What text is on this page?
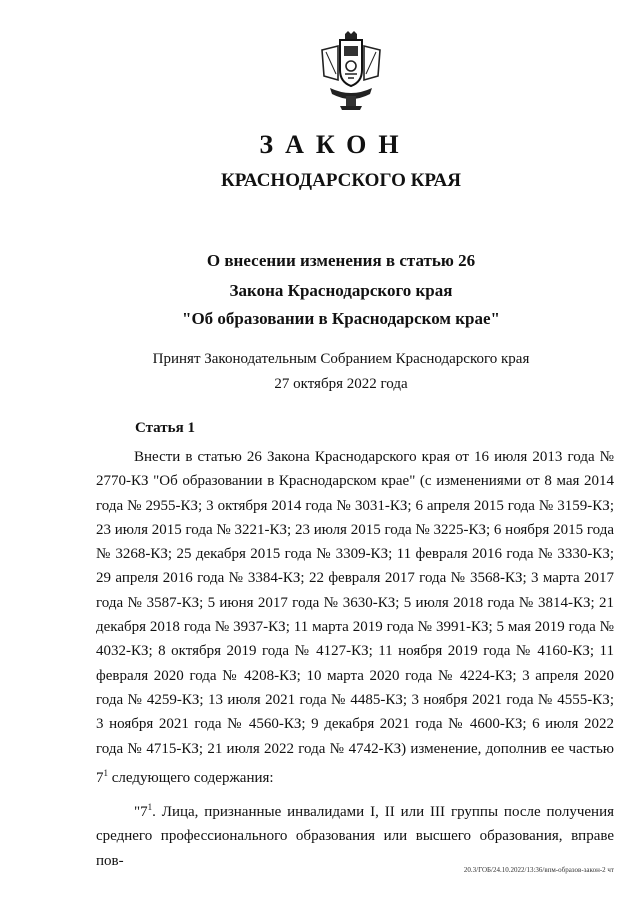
ЗАКОН
КРАСНОДАРСКОГО КРАЯ
О внесении изменения в статью 26
Закона Краснодарского края
"Об образовании в Краснодарском крае"
Принят Законодательным Собранием Краснодарского края
27 октября 2022 года
Статья 1

Внести в статью 26 Закона Краснодарского края от 16 июля 2013 года № 2770-КЗ "Об образовании в Краснодарском крае" (с изменениями от 8 мая 2014 года № 2955-КЗ; 3 октября 2014 года № 3031-КЗ; 6 апреля 2015 года № 3159-КЗ; 23 июля 2015 года № 3221-КЗ; 23 июля 2015 года № 3225-КЗ; 6 ноября 2015 года № 3268-КЗ; 25 декабря 2015 года № 3309-КЗ; 11 февраля 2016 года № 3330-КЗ; 29 апреля 2016 года № 3384-КЗ; 22 февраля 2017 года № 3568-КЗ; 3 марта 2017 года № 3587-КЗ; 5 июня 2017 года № 3630-КЗ; 5 июля 2018 года № 3814-КЗ; 21 декабря 2018 года № 3937-КЗ; 11 марта 2019 года № 3991-КЗ; 5 мая 2019 года № 4032-КЗ; 8 октября 2019 года № 4127-КЗ; 11 ноября 2019 года № 4160-КЗ; 11 февраля 2020 года № 4208-КЗ; 10 марта 2020 года № 4224-КЗ; 3 апреля 2020 года № 4259-КЗ; 13 июля 2021 года № 4485-КЗ; 3 ноября 2021 года № 4555-КЗ; 3 ноября 2021 года № 4560-КЗ; 9 декабря 2021 года № 4600-КЗ; 6 июля 2022 года № 4715-КЗ; 21 июля 2022 года № 4742-КЗ) изменение, дополнив ее частью $7^1$ следующего содержания:

"$7^1$. Лица, признанные инвалидами I, II или III группы после получения среднего профессионального образования или высшего образования, вправе пов-

20.3/ГОБ/24.10.2022/13:36/впм-образов-закон-2 чт
